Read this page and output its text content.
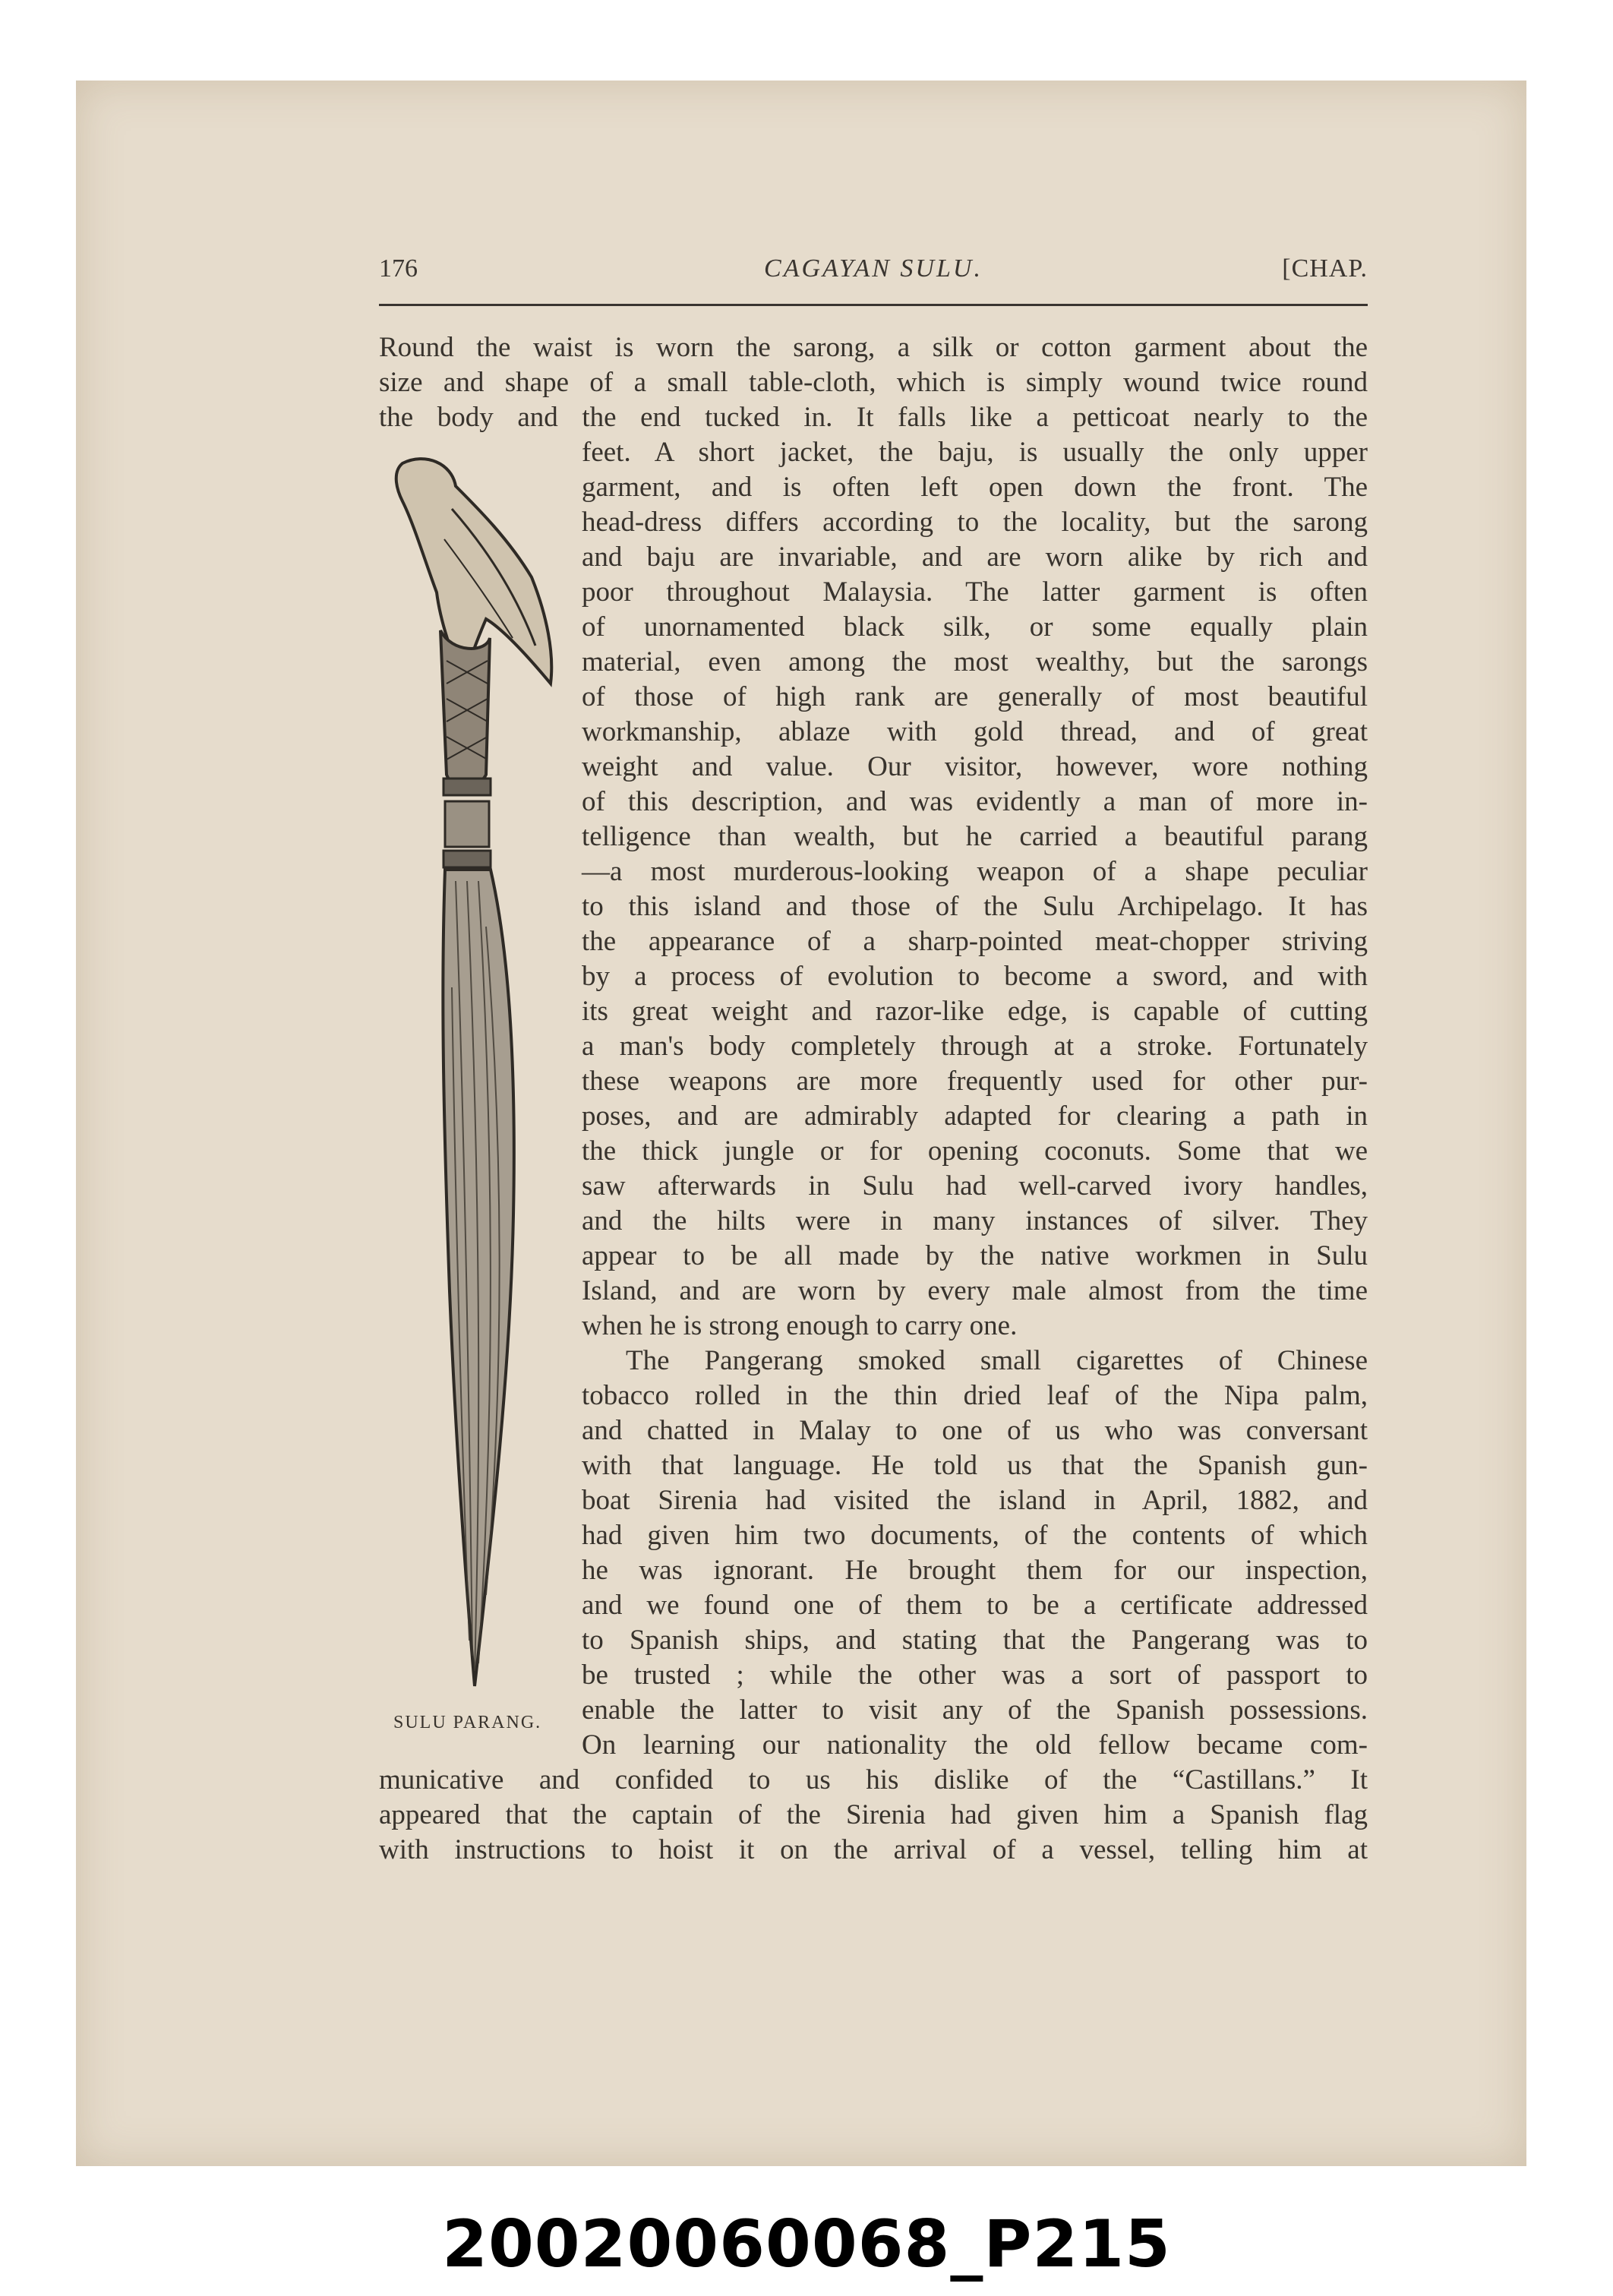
176	CAGAYAN SULU.	[CHAP.
Round the waist is worn the sarong, a silk or cotton garment about the
size and shape of a small table-cloth, which is simply wound twice round
the body and the end tucked in. It falls like a petticoat nearly to the
feet. A short jacket, the baju, is usually the only upper
garment, and is often left open down the front. The
head-dress differs according to the locality, but the sarong
and baju are invariable, and are worn alike by rich and
poor throughout Malaysia. The latter garment is often
of unornamented black silk, or some equally plain
material, even among the most wealthy, but the sarongs
of those of high rank are generally of most beautiful
workmanship, ablaze with gold thread, and of great
weight and value. Our visitor, however, wore nothing
of this description, and was evidently a man of more in-
telligence than wealth, but he carried a beautiful parang
—a most murderous-looking weapon of a shape peculiar
to this island and those of the Sulu Archipelago. It has
the appearance of a sharp-pointed meat-chopper striving
by a process of evolution to become a sword, and with
its great weight and razor-like edge, is capable of cutting
a man's body completely through at a stroke. Fortunately
these weapons are more frequently used for other pur-
poses, and are admirably adapted for clearing a path in
the thick jungle or for opening coconuts. Some that we
saw afterwards in Sulu had well-carved ivory handles,
and the hilts were in many instances of silver. They
appear to be all made by the native workmen in Sulu
Island, and are worn by every male almost from the time
when he is strong enough to carry one.
The Pangerang smoked small cigarettes of Chinese
tobacco rolled in the thin dried leaf of the Nipa palm,
and chatted in Malay to one of us who was conversant
with that language. He told us that the Spanish gun-
boat Sirenia had visited the island in April, 1882, and
had given him two documents, of the contents of which
he was ignorant. He brought them for our inspection,
and we found one of them to be a certificate addressed
to Spanish ships, and stating that the Pangerang was to
be trusted ; while the other was a sort of passport to
enable the latter to visit any of the Spanish possessions.
On learning our nationality the old fellow became com-
municative and confided to us his dislike of the “Castillans.” It
appeared that the captain of the Sirenia had given him a Spanish flag
with instructions to hoist it on the arrival of a vessel, telling him at
SULU PARANG.
20020060068_P215
